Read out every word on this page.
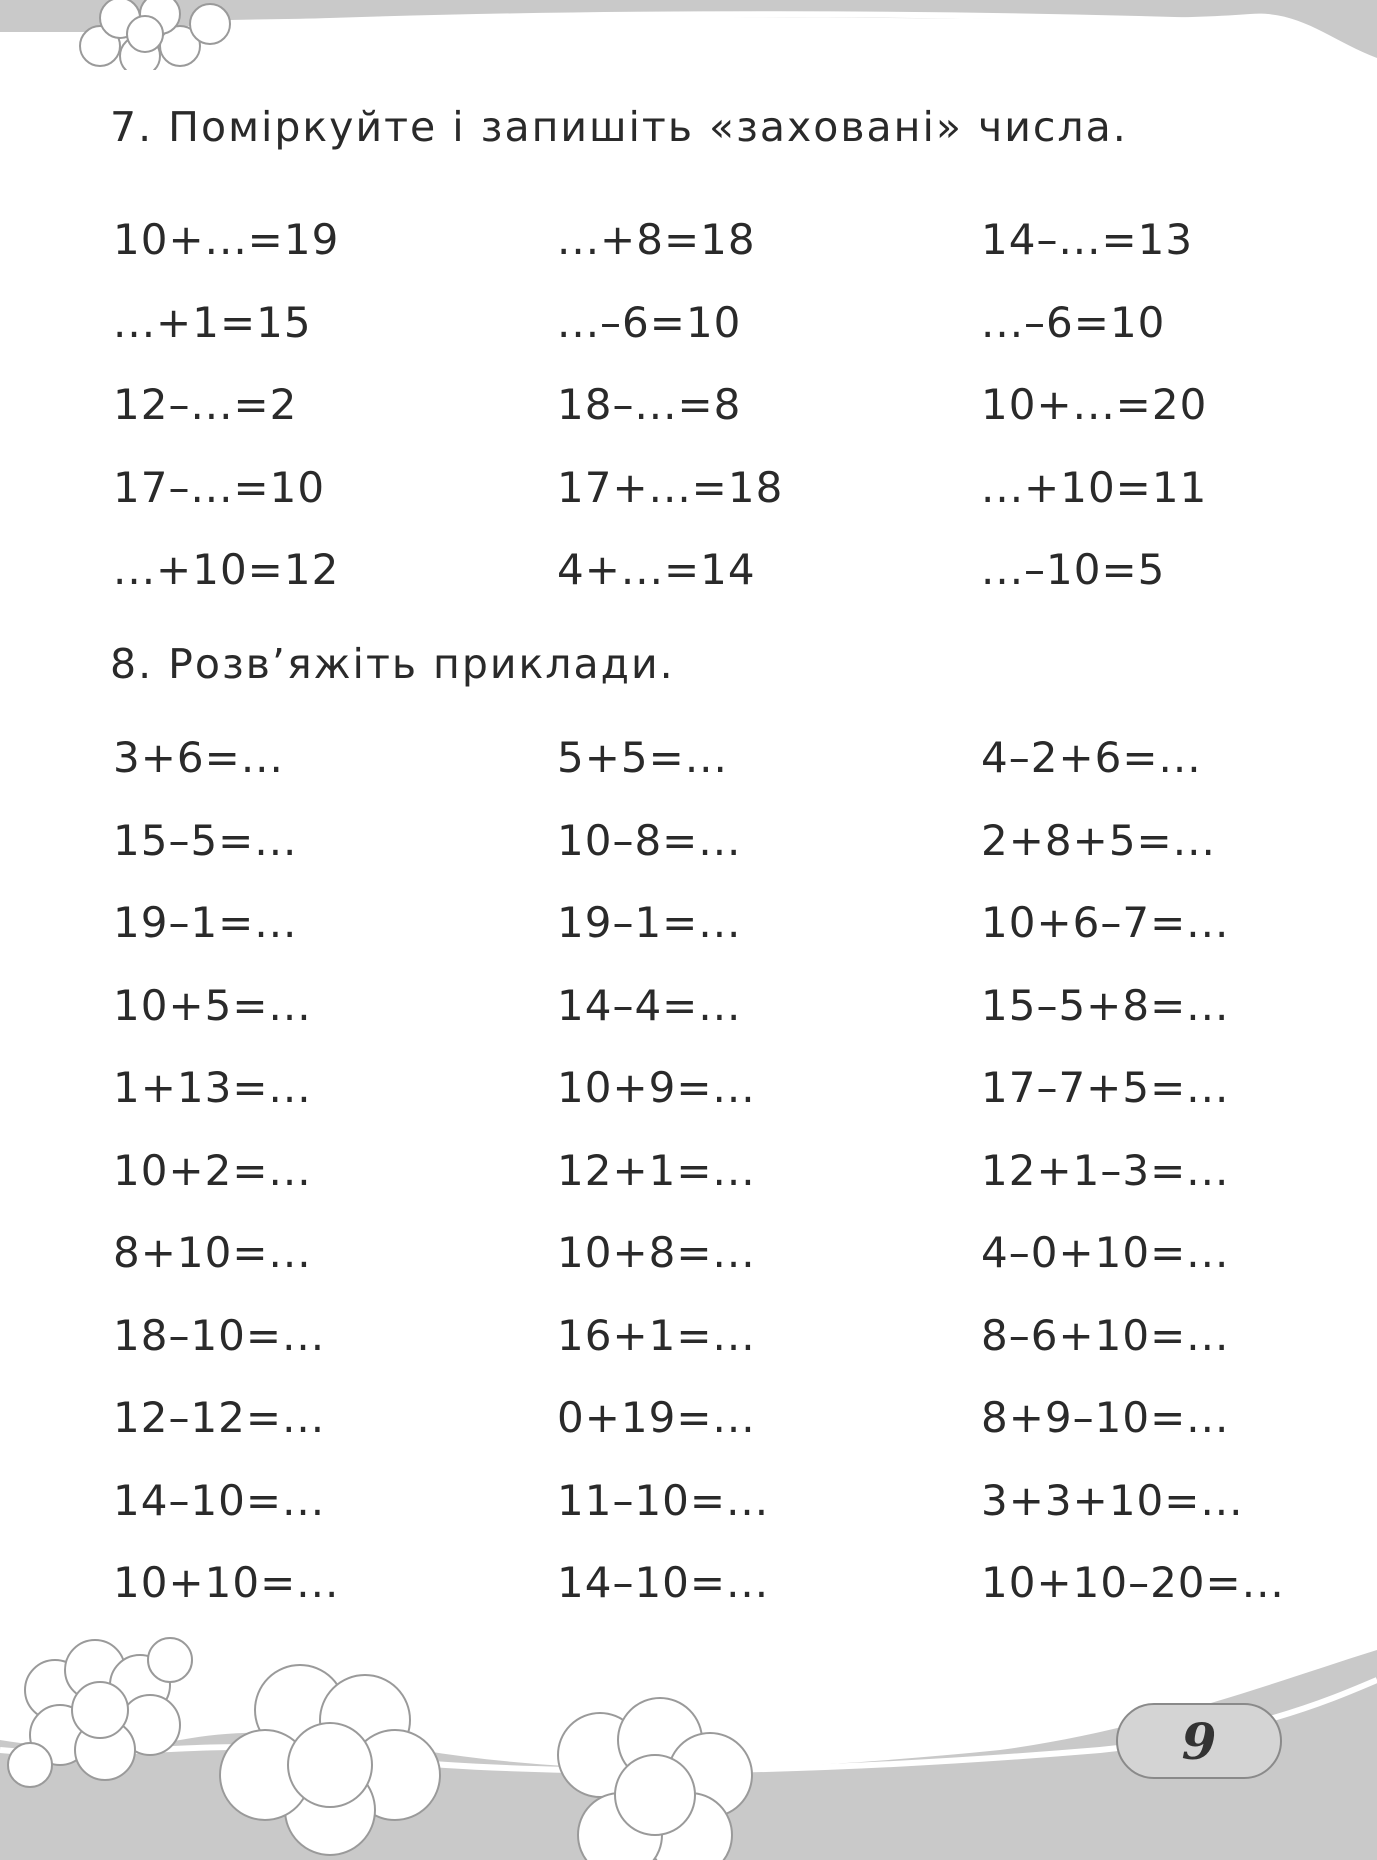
7. Поміркуйте і запишіть «заховані» числа.
10+...=19	...+8=18	14–...=13
...+1=15	...–6=10	...–6=10
12–...=2	18–...=8	10+...=20
17–...=10	17+...=18	...+10=11
...+10=12	4+...=14	...–10=5
8. Розв’яжіть приклади.
3+6=...	5+5=...	4–2+6=...
15–5=...	10–8=...	2+8+5=...
19–1=...	19–1=...	10+6–7=...
10+5=...	14–4=...	15–5+8=...
1+13=...	10+9=...	17–7+5=...
10+2=...	12+1=...	12+1–3=...
8+10=...	10+8=...	4–0+10=...
18–10=...	16+1=...	8–6+10=...
12–12=...	0+19=...	8+9–10=...
14–10=...	11–10=...	3+3+10=...
10+10=...	14–10=...	10+10–20=...
9
